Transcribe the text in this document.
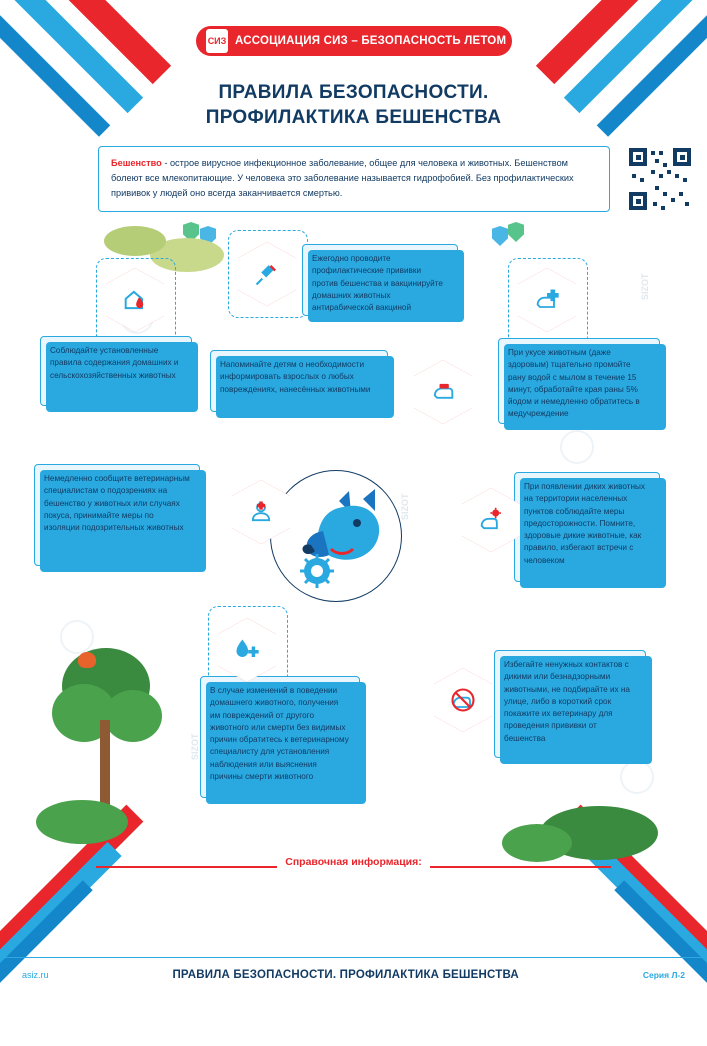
SIZOT
SIZOT
SIZOT
СИЗ АССОЦИАЦИЯ СИЗ – БЕЗОПАСНОСТЬ ЛЕТОМ
ПРАВИЛА БЕЗОПАСНОСТИ.
ПРОФИЛАКТИКА БЕШЕНСТВА
Бешенство - острое вирусное инфекционное заболевание, общее для человека и животных. Бешенством болеют все млекопитающие. У человека это заболевание называется гидрофобией. Без профилактических прививок у людей оно всегда заканчивается смертью.
Ежегодно проводите профилактические прививки против бешенства и вакцинируйте домашних животных антирабической вакциной
Соблюдайте установленные правила содержания домашних и сельскохозяйственных животных
Напоминайте детям о необходимости информировать взрослых о любых повреждениях, нанесённых животными
При укусе животным (даже здоровым) тщательно промойте рану водой с мылом в течение 15 минут, обработайте края раны 5% йодом и немедленно обратитесь в медучреждение
Немедленно сообщите ветеринарным специалистам о подозрениях на бешенство у животных или случаях покуса, принимайте меры по изоляции подозрительных животных
При появлении диких животных на территории населенных пунктов соблюдайте меры предосторожности. Помните, здоровые дикие животные, как правило, избегают встречи с человеком
В случае изменений в поведении домашнего животного, получения им повреждений от другого животного или смерти без видимых причин обратитесь к ветеринарному специалисту для установления наблюдения или выяснения причины смерти животного
Избегайте ненужных контактов с дикими или безнадзорными животными, не подбирайте их на улице, либо в короткий срок покажите их ветеринару для проведения прививки от бешенства
Справочная информация:
asiz.ru	ПРАВИЛА БЕЗОПАСНОСТИ. ПРОФИЛАКТИКА БЕШЕНСТВА	Серия Л-2
